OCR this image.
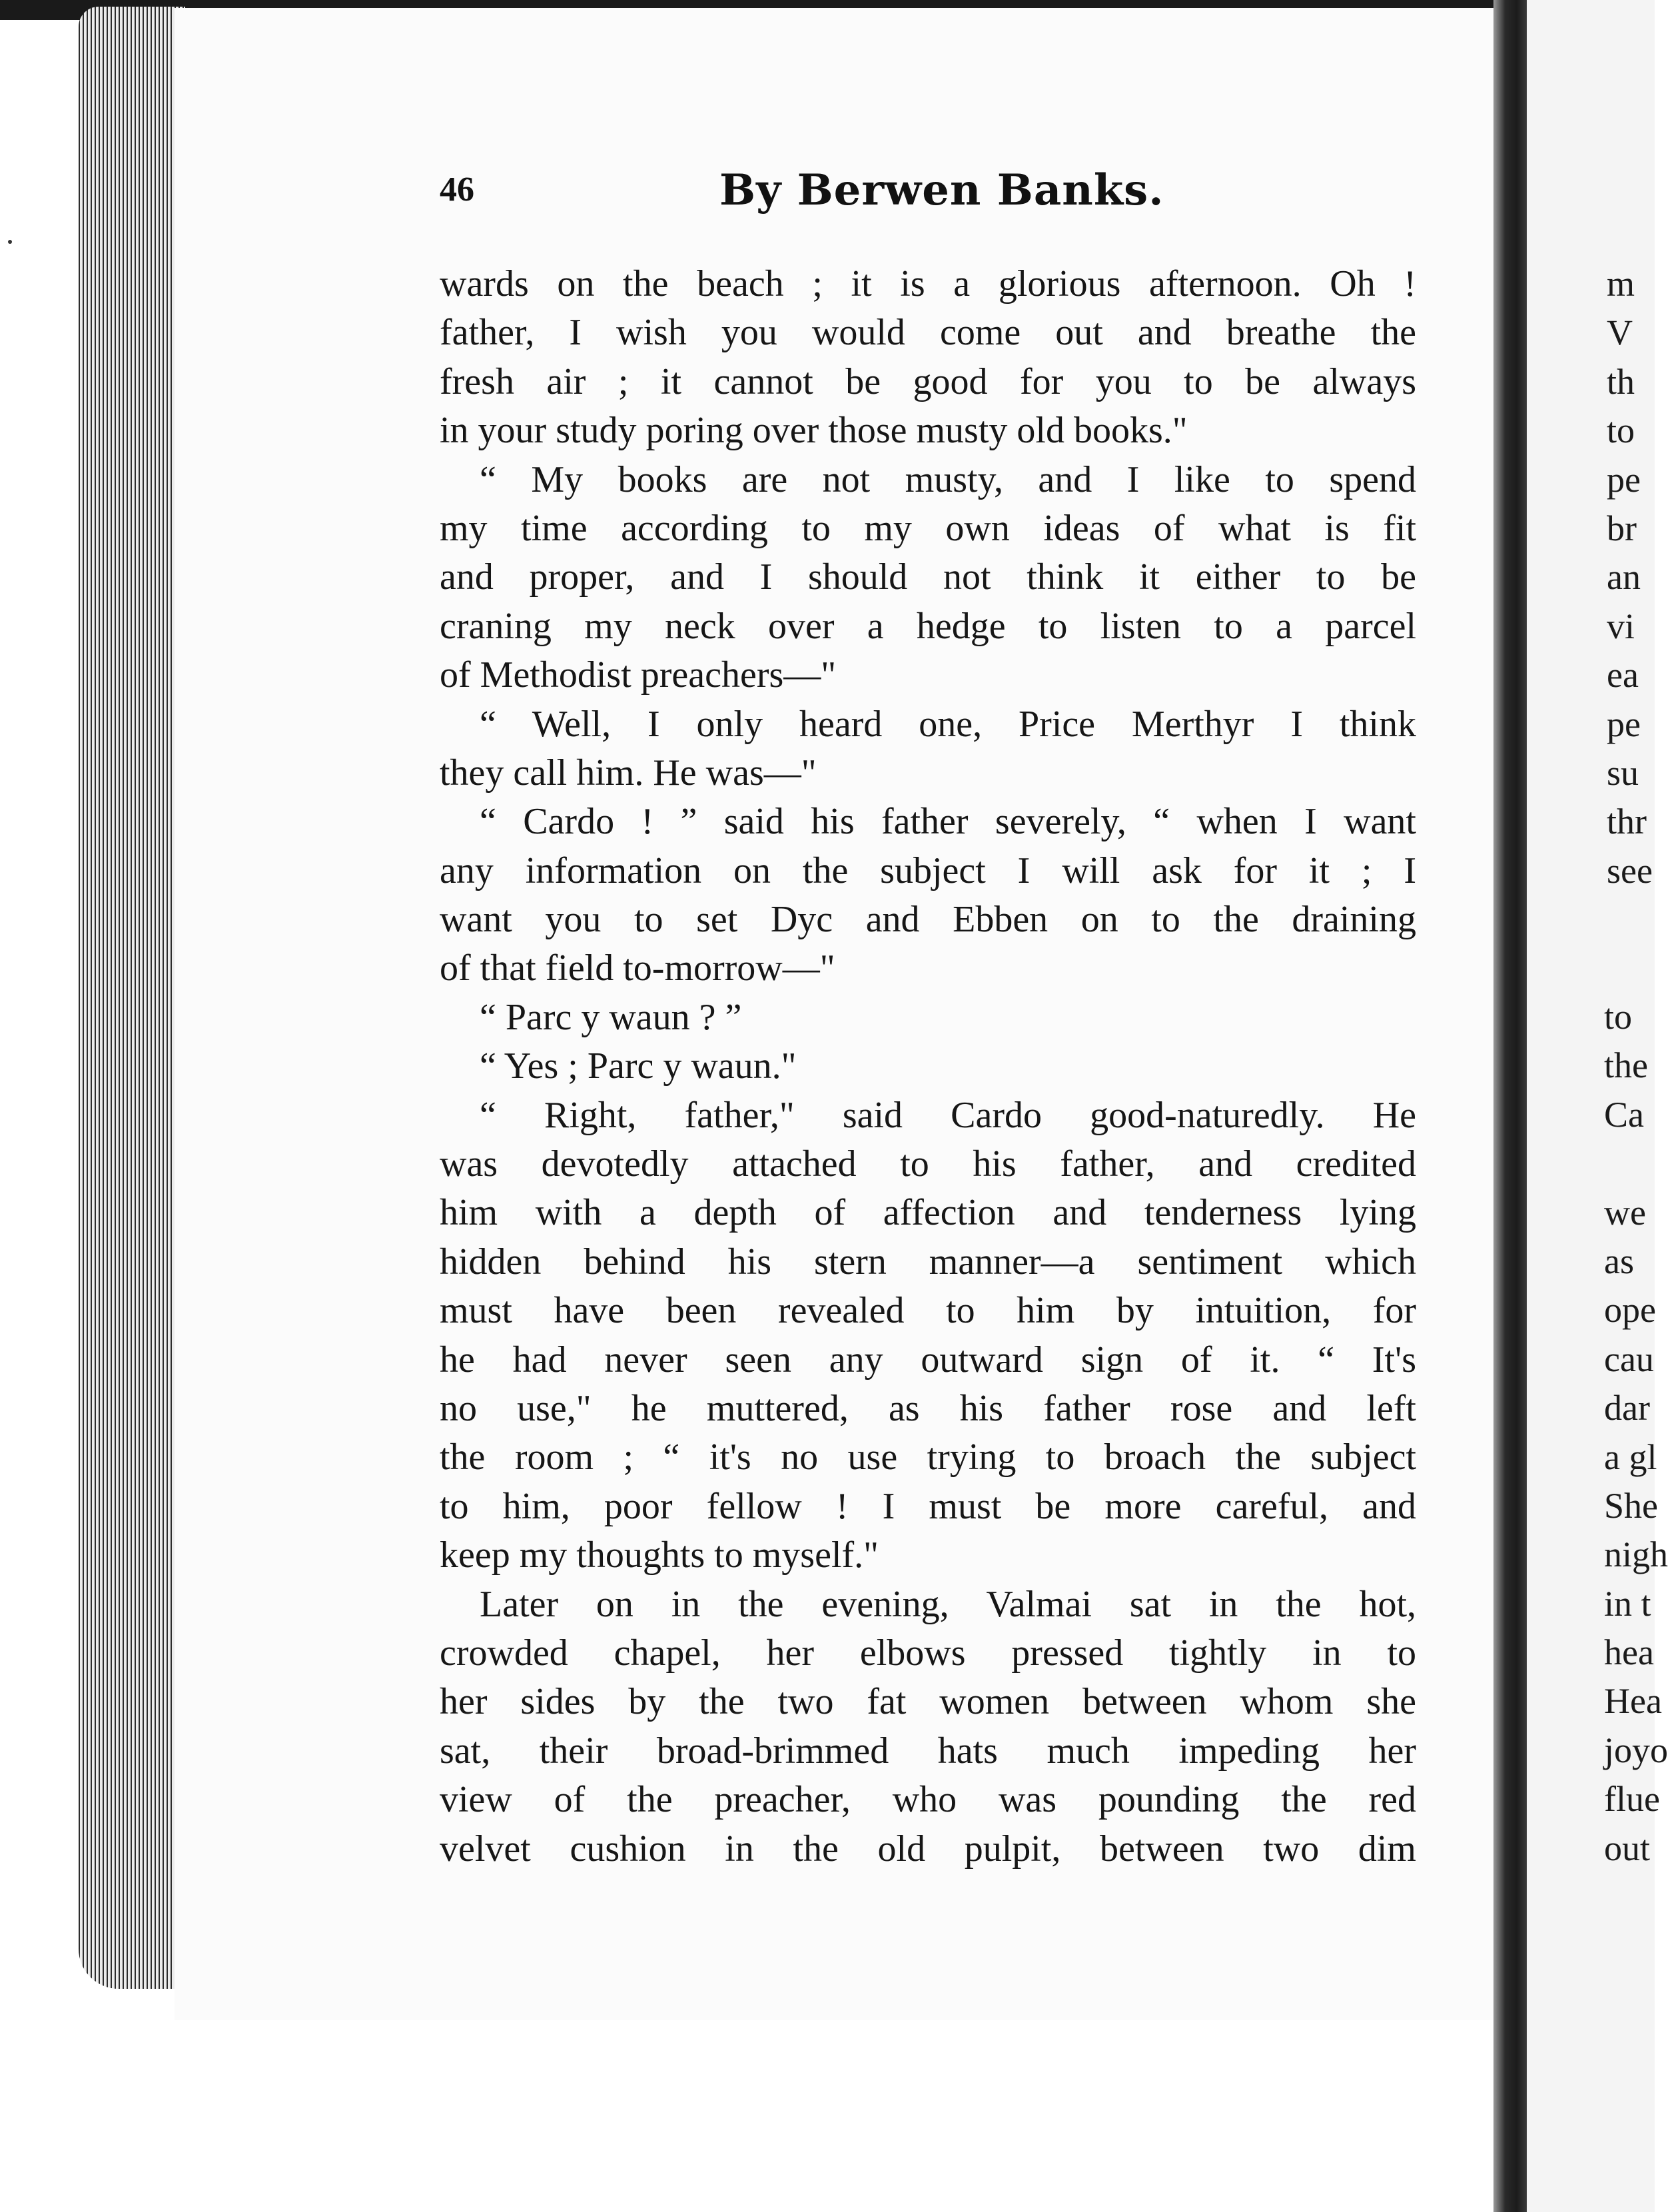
46	By Berwen Banks.
wards on the beach ; it is a glorious afternoon. Oh !
father, I wish you would come out and breathe the
fresh air ; it cannot be good for you to be always
in your study poring over those musty old books."
“ My books are not musty, and I like to spend
my time according to my own ideas of what is fit
and proper, and I should not think it either to be
craning my neck over a hedge to listen to a parcel
of Methodist preachers—"
“ Well, I only heard one, Price Merthyr I think
they call him. He was—"
“ Cardo ! ” said his father severely, “ when I want
any information on the subject I will ask for it ; I
want you to set Dyc and Ebben on to the draining
of that field to-morrow—"
“ Parc y waun ? ”
“ Yes ; Parc y waun."
“ Right, father," said Cardo good-naturedly. He
was devotedly attached to his father, and credited
him with a depth of affection and tenderness lying
hidden behind his stern manner—a sentiment which
must have been revealed to him by intuition, for
he had never seen any outward sign of it. “ It's
no use," he muttered, as his father rose and left
the room ; “ it's no use trying to broach the subject
to him, poor fellow ! I must be more careful, and
keep my thoughts to myself."
Later on in the evening, Valmai sat in the hot,
crowded chapel, her elbows pressed tightly in to
her sides by the two fat women between whom she
sat, their broad-brimmed hats much impeding her
view of the preacher, who was pounding the red
velvet cushion in the old pulpit, between two dim
m
V
th
to
pe
br
an
vi
ea
pe
su
thr
see
to
the
Ca
we
as
ope
cau
dar
a gl
She
nigh
in t
hea
Hea
joyo
flue
out
